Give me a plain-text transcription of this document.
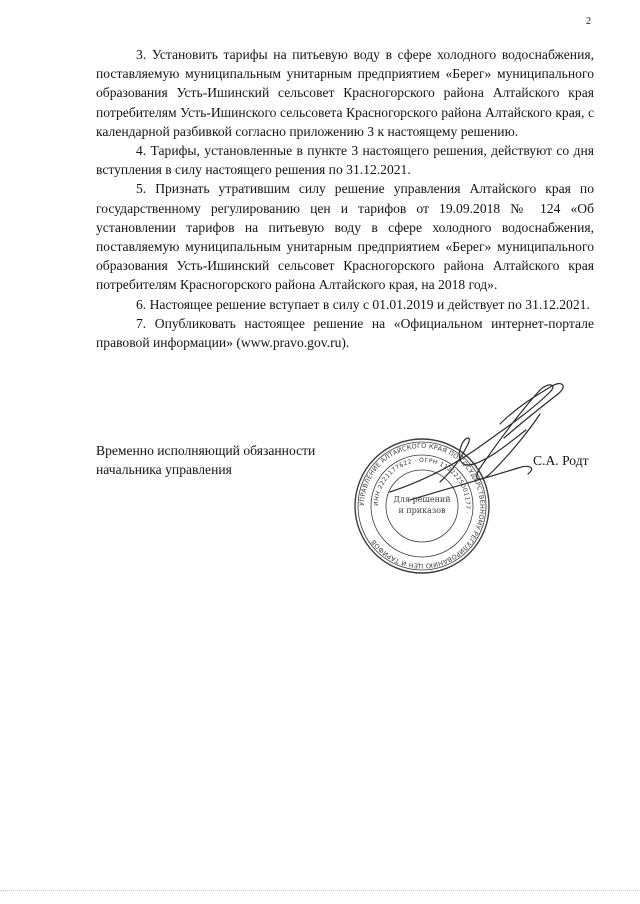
2

3. Установить тарифы на питьевую воду в сфере холодного водоснабжения, поставляемую муниципальным унитарным предприятием «Берег» муниципального образования Усть-Ишинский сельсовет Красногорского района Алтайского края потребителям Усть-Ишинского сельсовета Красногорского района Алтайского края, с календарной разбивкой согласно приложению 3 к настоящему решению.

4. Тарифы, установленные в пункте 3 настоящего решения, действуют со дня вступления в силу настоящего решения по 31.12.2021.

5. Признать утратившим силу решение управления Алтайского края по государственному регулированию цен и тарифов от 19.09.2018 № 124 «Об установлении тарифов на питьевую воду в сфере холодного водоснабжения, поставляемую муниципальным унитарным предприятием «Берег» муниципального образования Усть-Ишинский сельсовет Красногорского района Алтайского края потребителям Красногорского района Алтайского края, на 2018 год».

6. Настоящее решение вступает в силу с 01.01.2019 и действует по 31.12.2021.

7. Опубликовать настоящее решение на «Официальном интернет-портале правовой информации» (www.pravo.gov.ru).

Временно исполняющий обязанности
начальника управления
С.А. Родт
УПРАВЛЕНИЕ АЛТАЙСКОГО КРАЯ ПО ГОСУДАРСТВЕННОМУ РЕГУЛИРОВАНИЮ ЦЕН И ТАРИФОВ
ИНН 2221177622 · ОГРН 1122225001177 ·
Для решений
и приказов
